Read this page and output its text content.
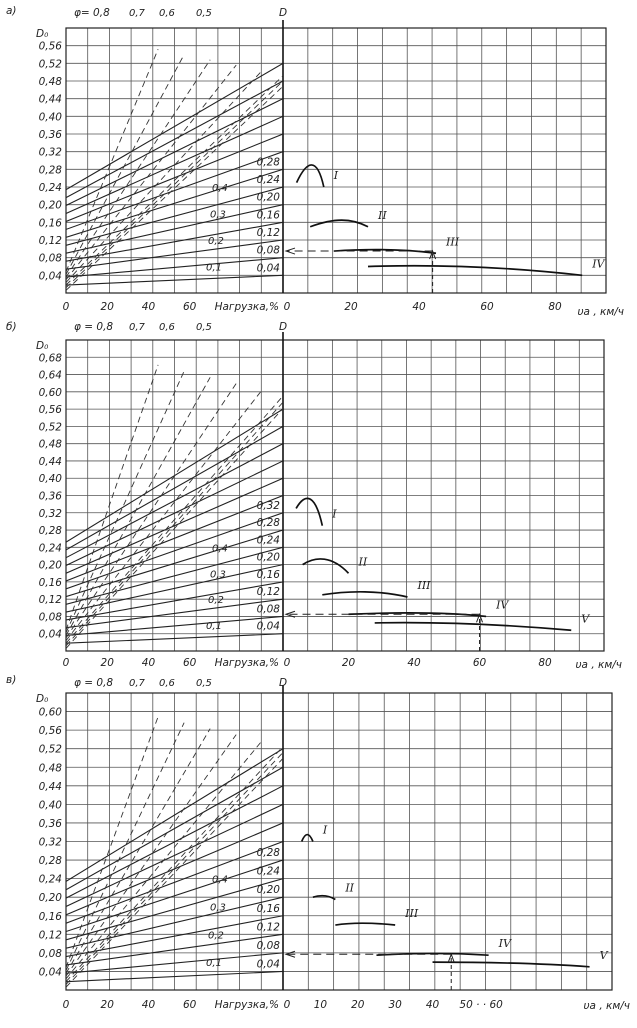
0,04
0,08
0,12
0,16
0,20
0,24
0,28
0,32
0,36
0,40
0,44
0,48
0,52
0,56
а)
D₀
D
φ= 0,8 0,7 0,6 0,5
0,04
0,08
0,12
0,16
0,20
0,24
0,28
0,4
0,3
0,2
0,1
0	20	40	60 Нагрузка,% 0	20	40	60	80 υa , км/ч
I
II
III
IV
0,04
0,08
0,12
0,16
0,20
0,24
0,28
0,32
0,36
0,40
0,44
0,48
0,52
0,56
0,60
0,64
0,68
б)
D₀
D
φ = 0,8 0,7 0,6 0,5
0,04
0,08
0,12
0,16
0,20
0,24
0,28
0,32
0,4
0,3
0,2
0,1
0	20	40	60 Нагрузка,% 0	20	40	60	80 υa , км/ч
I
II
III
IV
V
0,04
0,08
0,12
0,16
0,20
0,24
0,28
0,32
0,36
0,40
0,44
0,48
0,52
0,56
0,60
в)
D₀
D
φ = 0,8 0,7 0,6 0,5
0,04
0,08
0,12
0,16
0,20
0,24
0,28
0,4
0,3
0,2
0,1
0	20	40	60 Нагрузка,% 0 10 20 30 40 50 · · 60	υa , км/ч
I
II
III
IV
V
